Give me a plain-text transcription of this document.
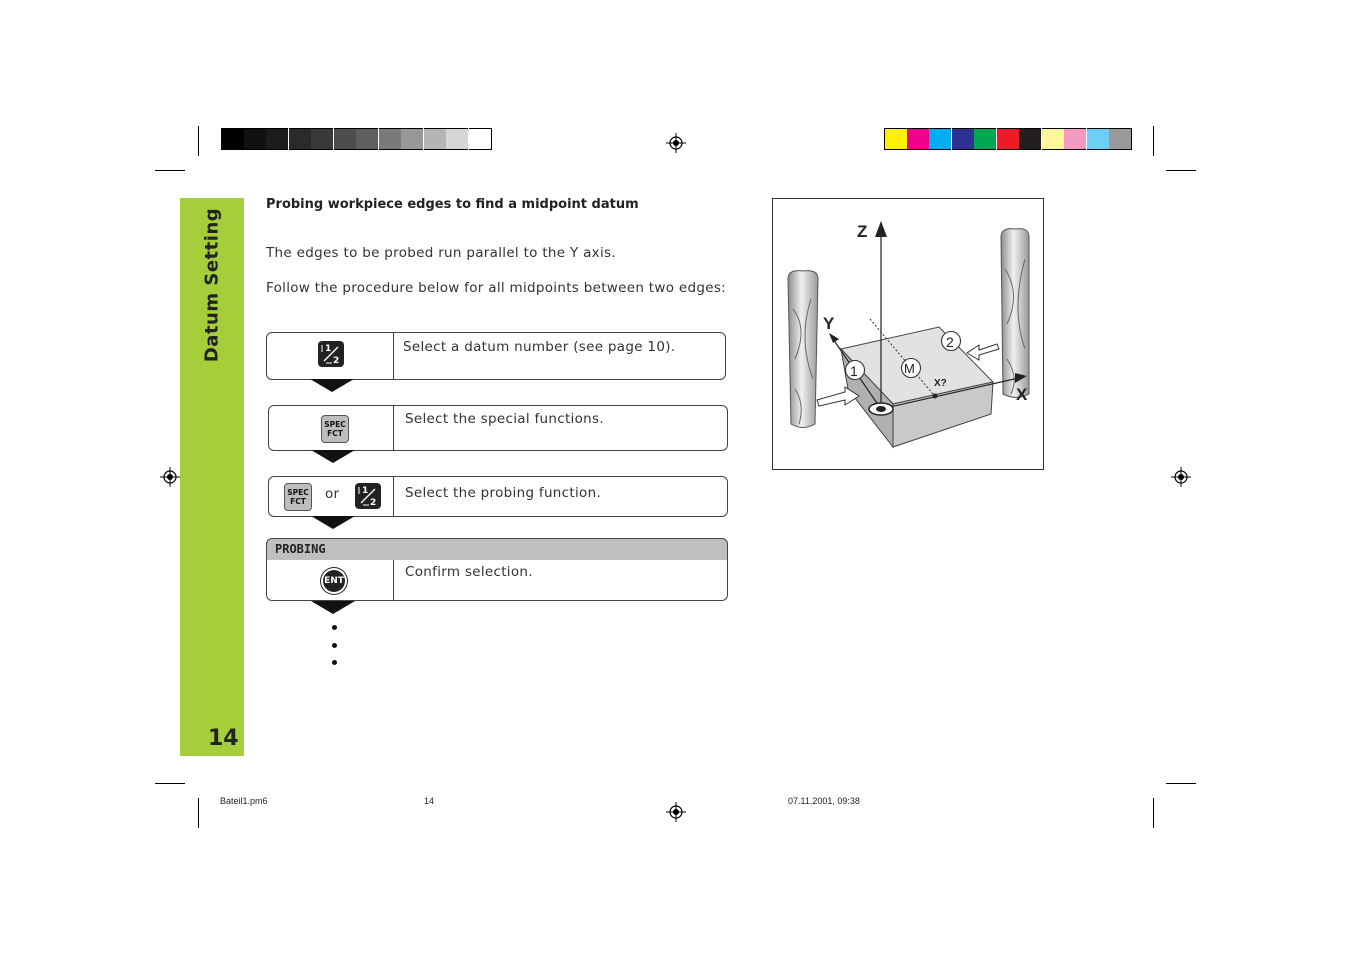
Datum Setting
14
Probing workpiece edges to find a midpoint datum
The edges to be probed run parallel to the Y axis.
Follow the procedure below for all midpoints between two edges:
1
2
Select a datum number (see page 10).
SPEC
FCT
Select the special functions.
SPEC
FCT	or	1
2
Select the probing function.
PROBING
ENT
Confirm selection.
Z
Y
X
1
2
M
X?
Bateil1.pm6	14	07.11.2001, 09:38
